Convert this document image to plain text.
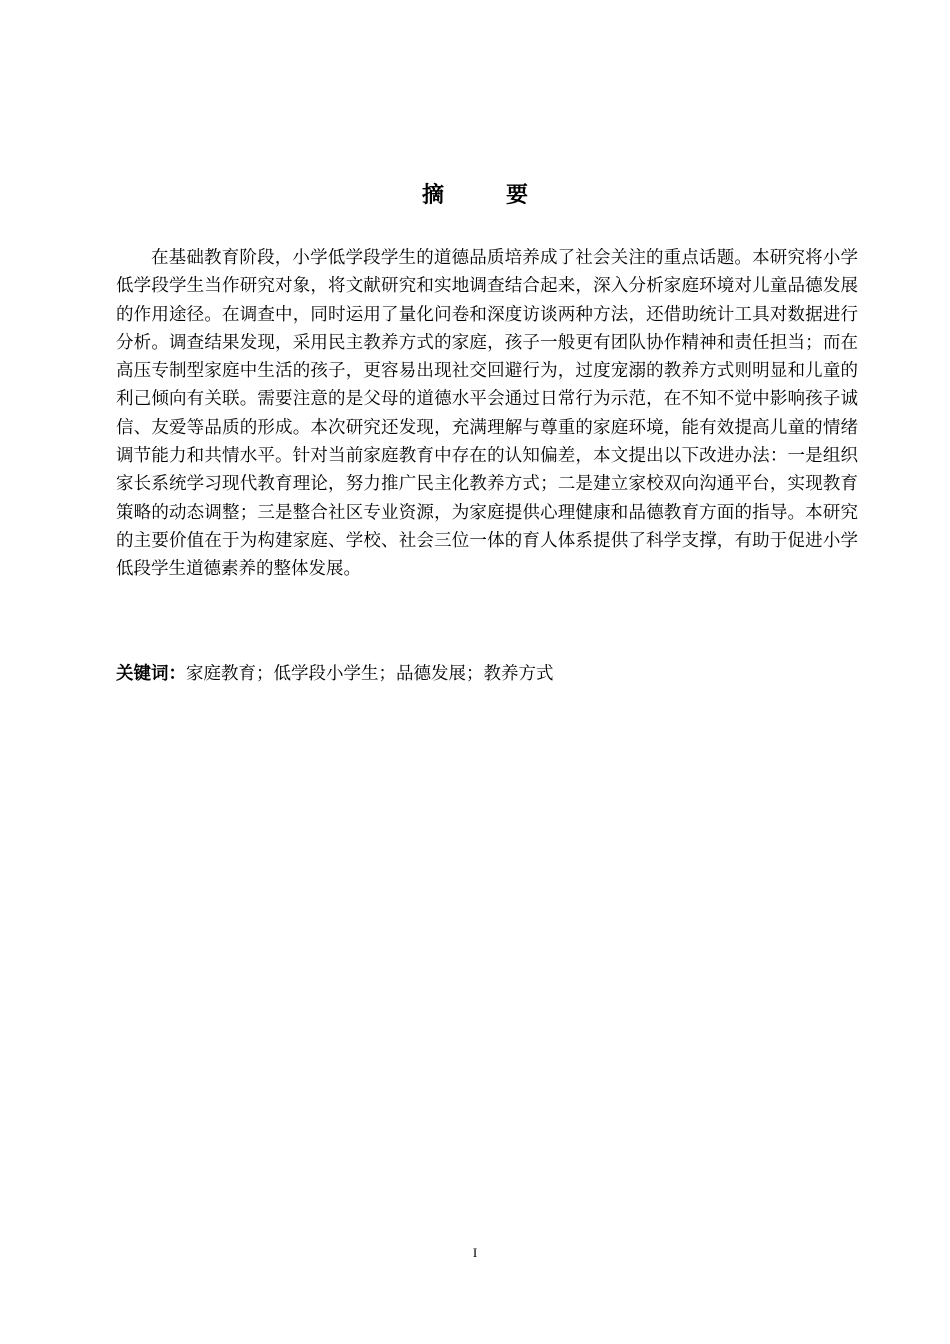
摘　要

在基础教育阶段，小学低学段学生的道德品质培养成了社会关注的重点话题。本研究将小学低学段学生当作研究对象，将文献研究和实地调查结合起来，深入分析家庭环境对儿童品德发展的作用途径。在调查中，同时运用了量化问卷和深度访谈两种方法，还借助统计工具对数据进行分析。调查结果发现，采用民主教养方式的家庭，孩子一般更有团队协作精神和责任担当；而在高压专制型家庭中生活的孩子，更容易出现社交回避行为，过度宠溺的教养方式则明显和儿童的利己倾向有关联。需要注意的是父母的道德水平会通过日常行为示范，在不知不觉中影响孩子诚信、友爱等品质的形成。本次研究还发现，充满理解与尊重的家庭环境，能有效提高儿童的情绪调节能力和共情水平。针对当前家庭教育中存在的认知偏差，本文提出以下改进办法：一是组织家长系统学习现代教育理论，努力推广民主化教养方式；二是建立家校双向沟通平台，实现教育策略的动态调整；三是整合社区专业资源，为家庭提供心理健康和品德教育方面的指导。本研究的主要价值在于为构建家庭、学校、社会三位一体的育人体系提供了科学支撑，有助于促进小学低段学生道德素养的整体发展。

关键词：家庭教育；低学段小学生；品德发展；教养方式

I
